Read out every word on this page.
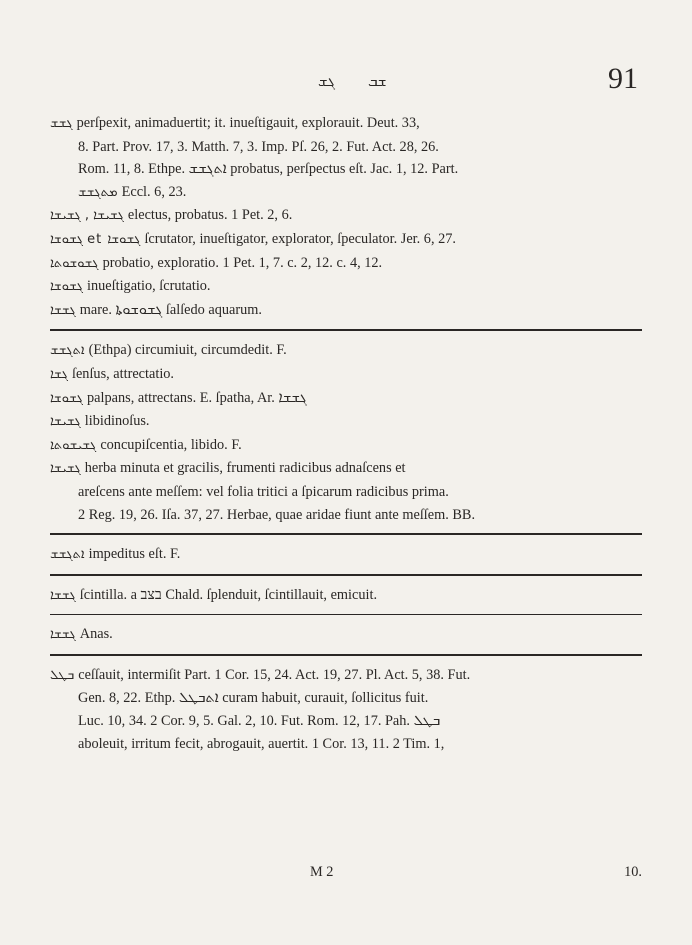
ܓܫ ܫܒ	91

ܓܫܫ perſpexit, animaduertit; it. inueſtigauit, explorauit. Deut. 33,

8. Part. Prov. 17, 3. Matth. 7, 3. Imp. Pſ. 26, 2. Fut. Act. 28, 26.

Rom. 11, 8. Ethpe. ܐܬܓܫܫ probatus, perſpectus eſt. Jac. 1, 12. Part.

ܡܬܓܫܫ Eccl. 6, 23.

ܓܫܝܫܐ , ܓܫܝܫܐ electus, probatus. 1 Pet. 2, 6.

ܓܫܘܫܐ et ܓܫܘܫܐ ſcrutator, inueſtigator, explorator, ſpeculator. Jer. 6, 27.

ܓܫܘܫܘܬܐ probatio, exploratio. 1 Pet. 1, 7. c. 2, 12. c. 4, 12.

ܓܫܘܫܐ inueſtigatio, ſcrutatio.

ܓܫܫܐ mare. ܓܫܘܫܘܬܐ ſalſedo aquarum.

ܐܬܓܫܫ (Ethpa) circumiuit, circumdedit. F.

ܓܫܐ ſenſus, attrectatio.

ܓܫܘܫܐ palpans, attrectans. E. ſpatha, Ar. ܓܫܫܐ

ܓܫܝܫܐ libidinoſus.

ܓܫܝܫܘܬܐ concupiſcentia, libido. F.

ܓܫܝܫܐ herba minuta et gracilis, frumenti radicibus adnaſcens et

areſcens ante meſſem: vel folia tritici a ſpicarum radicibus prima.

2 Reg. 19, 26. Iſa. 37, 27. Herbae, quae aridae fiunt ante meſſem. BB.

ܐܬܓܫܫ impeditus eſt. F.

ܓܫܫܐ ſcintilla. a בצב Chald. ſplenduit, ſcintillauit, emicuit.

ܓܫܫܐ Anas.

ܒܛܠ ceſſauit, intermiſit Part. 1 Cor. 15, 24. Act. 19, 27. Pl. Act. 5, 38. Fut.

Gen. 8, 22. Ethp. ܐܬܒܛܠ curam habuit, curauit, ſollicitus fuit.

Luc. 10, 34. 2 Cor. 9, 5. Gal. 2, 10. Fut. Rom. 12, 17. Pah. ܒܛܠ

aboleuit, irritum fecit, abrogauit, auertit. 1 Cor. 13, 11. 2 Tim. 1,

M 2	10.
